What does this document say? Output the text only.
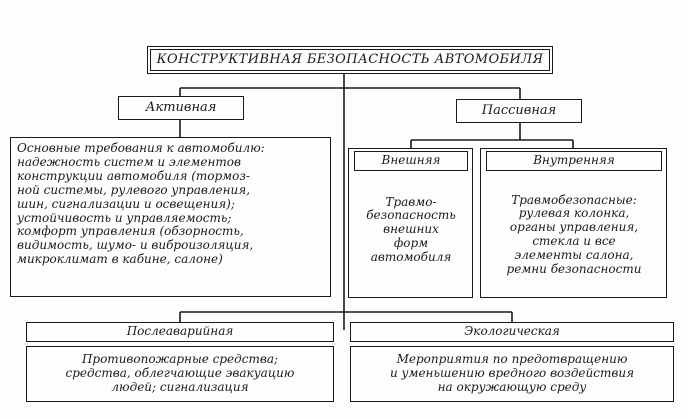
КОНСТРУКТИВНАЯ БЕЗОПАСНОСТЬ АВТОМОБИЛЯ
Активная
Основные требования к автомобилю:
надежность систем и элементов
конструкции автомобиля (тормоз-
ной системы, рулевого управления,
шин, сигнализации и освещения);
устойчивость и управляемость;
комфорт управления (обзорность,
видимость, шумо- и виброизоляция,
микроклимат в кабине, салоне)
Пассивная
Внешняя
Травмо-
безопасность
внешних
форм
автомобиля
Внутренняя
Травмобезопасные:
рулевая колонка,
органы управления,
стекла и все
элементы салона,
ремни безопасности
Послеаварийная
Противопожарные средства;
средства, облегчающие эвакуацию
людей; сигнализация
Экологическая
Мероприятия по предотвращению
и уменьшению вредного воздействия
на окружающую среду
